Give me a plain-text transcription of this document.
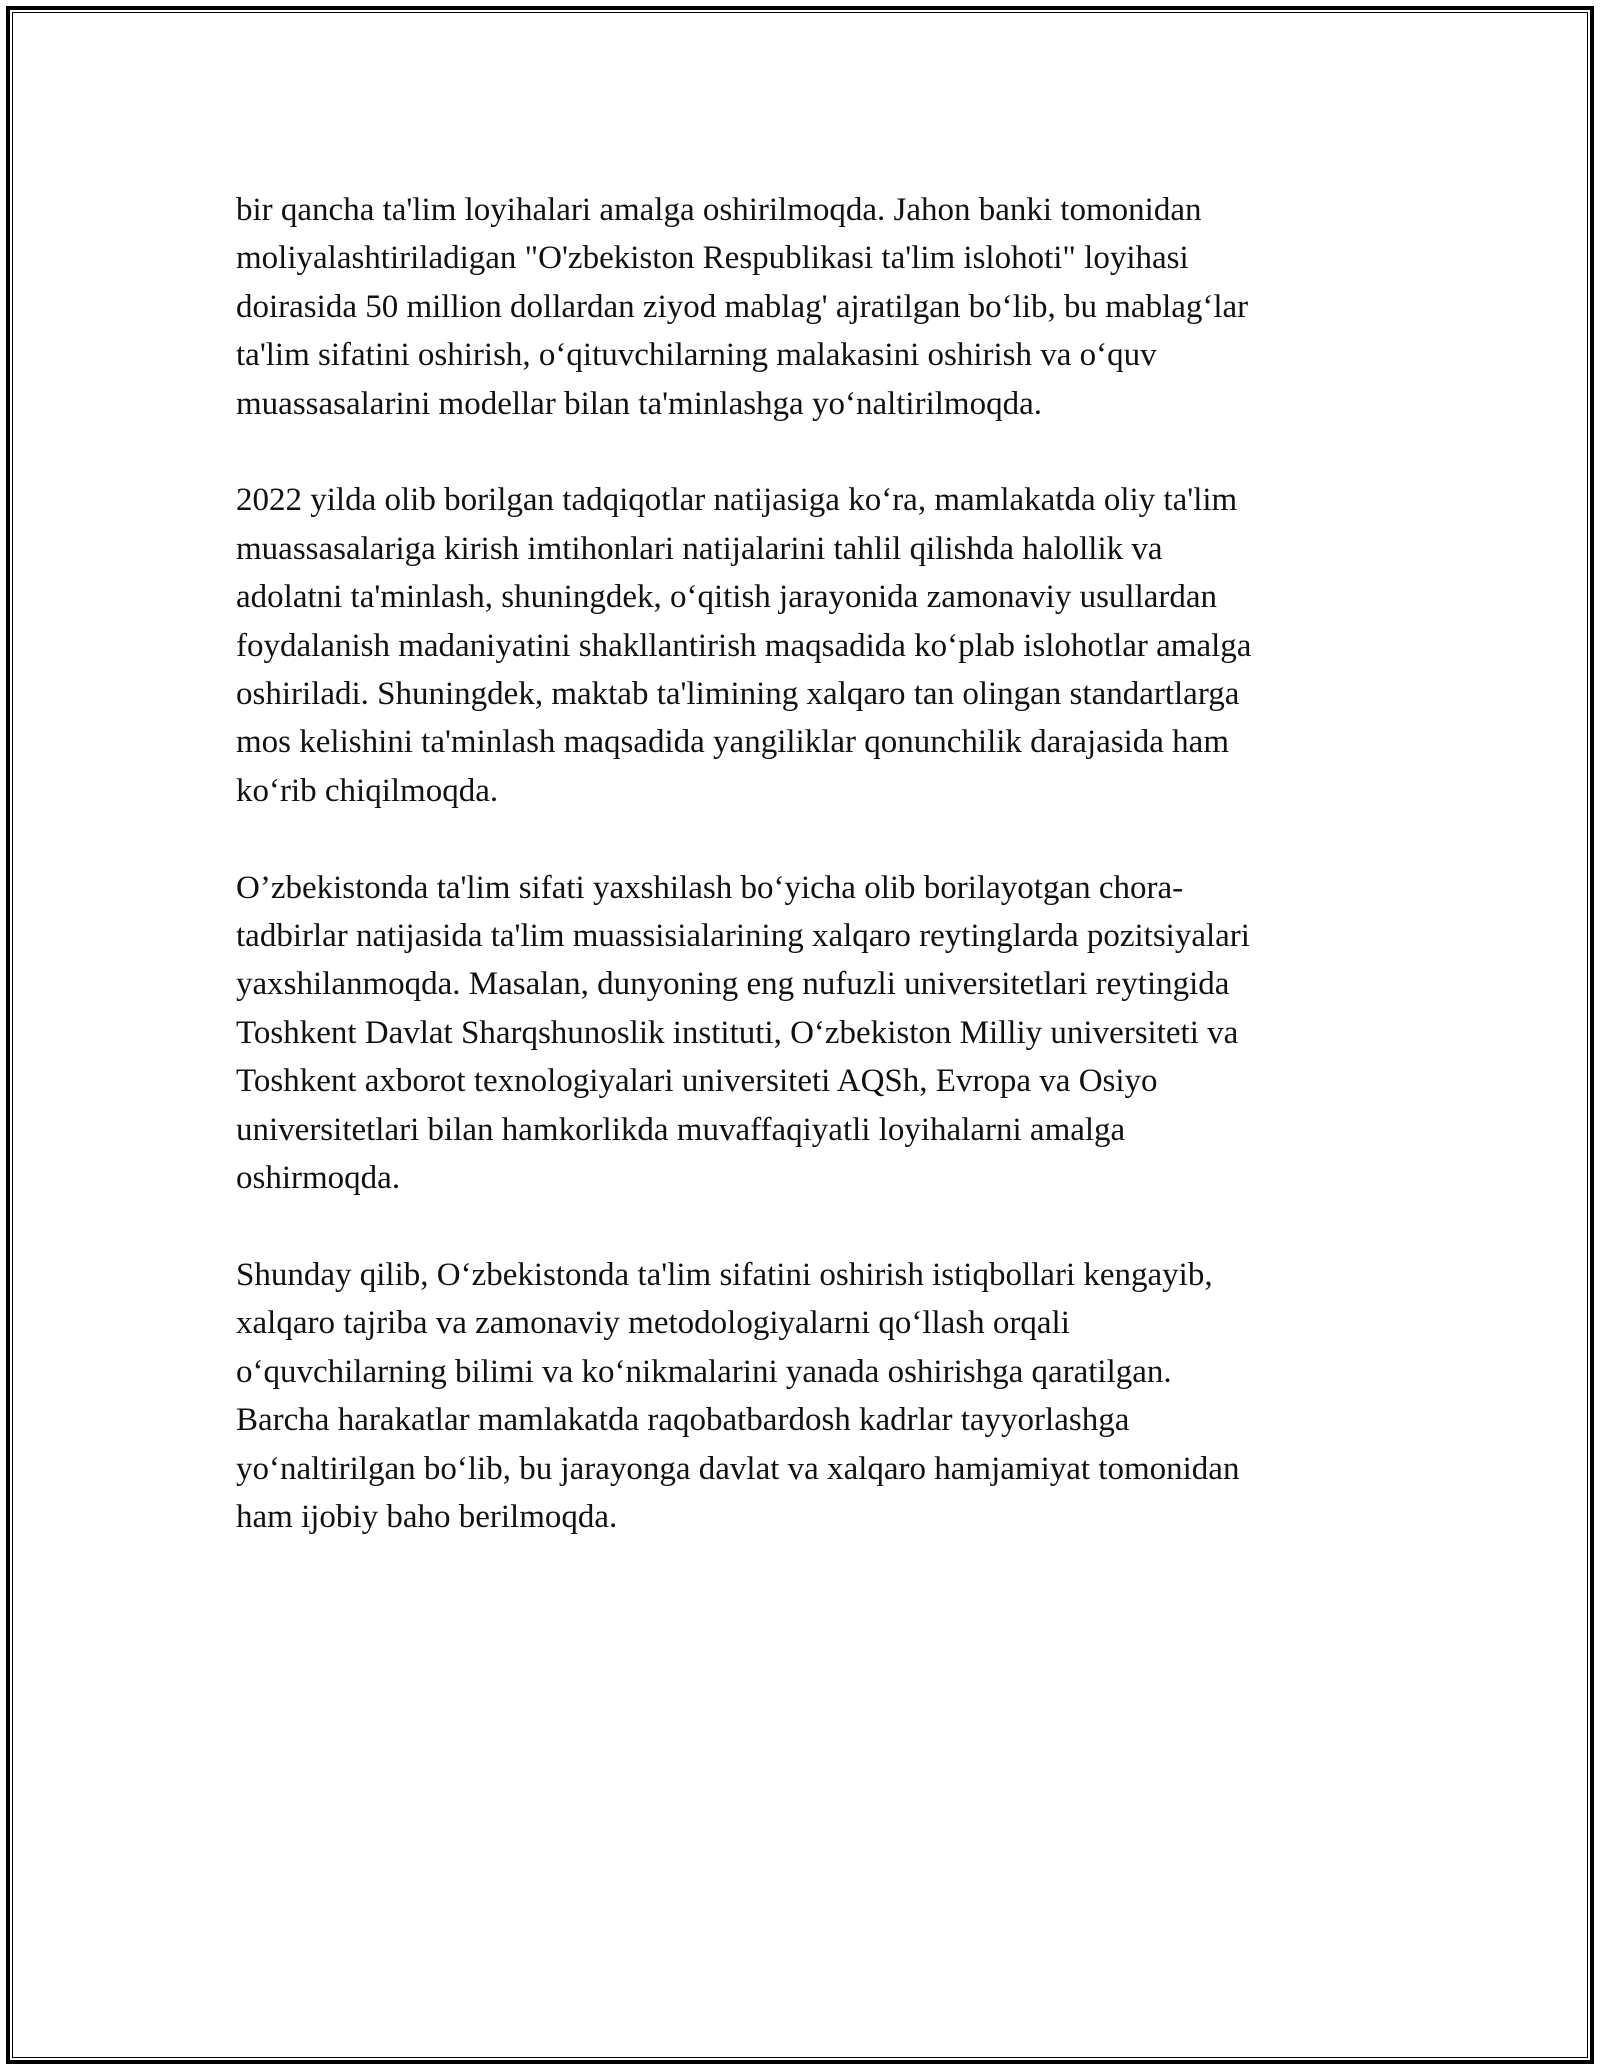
bir qancha ta'lim loyihalari amalga oshirilmoqda. Jahon banki tomonidan
moliyalashtiriladigan "O'zbekiston Respublikasi ta'lim islohoti" loyihasi
doirasida 50 million dollardan ziyod mablag' ajratilgan bo‘lib, bu mablag‘lar
ta'lim sifatini oshirish, o‘qituvchilarning malakasini oshirish va o‘quv
muassasalarini modellar bilan ta'minlashga yo‘naltirilmoqda.

2022 yilda olib borilgan tadqiqotlar natijasiga ko‘ra, mamlakatda oliy ta'lim
muassasalariga kirish imtihonlari natijalarini tahlil qilishda halollik va
adolatni ta'minlash, shuningdek, o‘qitish jarayonida zamonaviy usullardan
foydalanish madaniyatini shakllantirish maqsadida ko‘plab islohotlar amalga
oshiriladi. Shuningdek, maktab ta'limining xalqaro tan olingan standartlarga
mos kelishini ta'minlash maqsadida yangiliklar qonunchilik darajasida ham
ko‘rib chiqilmoqda.

O’zbekistonda ta'lim sifati yaxshilash bo‘yicha olib borilayotgan chora-
tadbirlar natijasida ta'lim muassisialarining xalqaro reytinglarda pozitsiyalari
yaxshilanmoqda. Masalan, dunyoning eng nufuzli universitetlari reytingida
Toshkent Davlat Sharqshunoslik instituti, O‘zbekiston Milliy universiteti va
Toshkent axborot texnologiyalari universiteti AQSh, Evropa va Osiyo
universitetlari bilan hamkorlikda muvaffaqiyatli loyihalarni amalga
oshirmoqda.

Shunday qilib, O‘zbekistonda ta'lim sifatini oshirish istiqbollari kengayib,
xalqaro tajriba va zamonaviy metodologiyalarni qo‘llash orqali
o‘quvchilarning bilimi va ko‘nikmalarini yanada oshirishga qaratilgan.
Barcha harakatlar mamlakatda raqobatbardosh kadrlar tayyorlashga
yo‘naltirilgan bo‘lib, bu jarayonga davlat va xalqaro hamjamiyat tomonidan
ham ijobiy baho berilmoqda.
